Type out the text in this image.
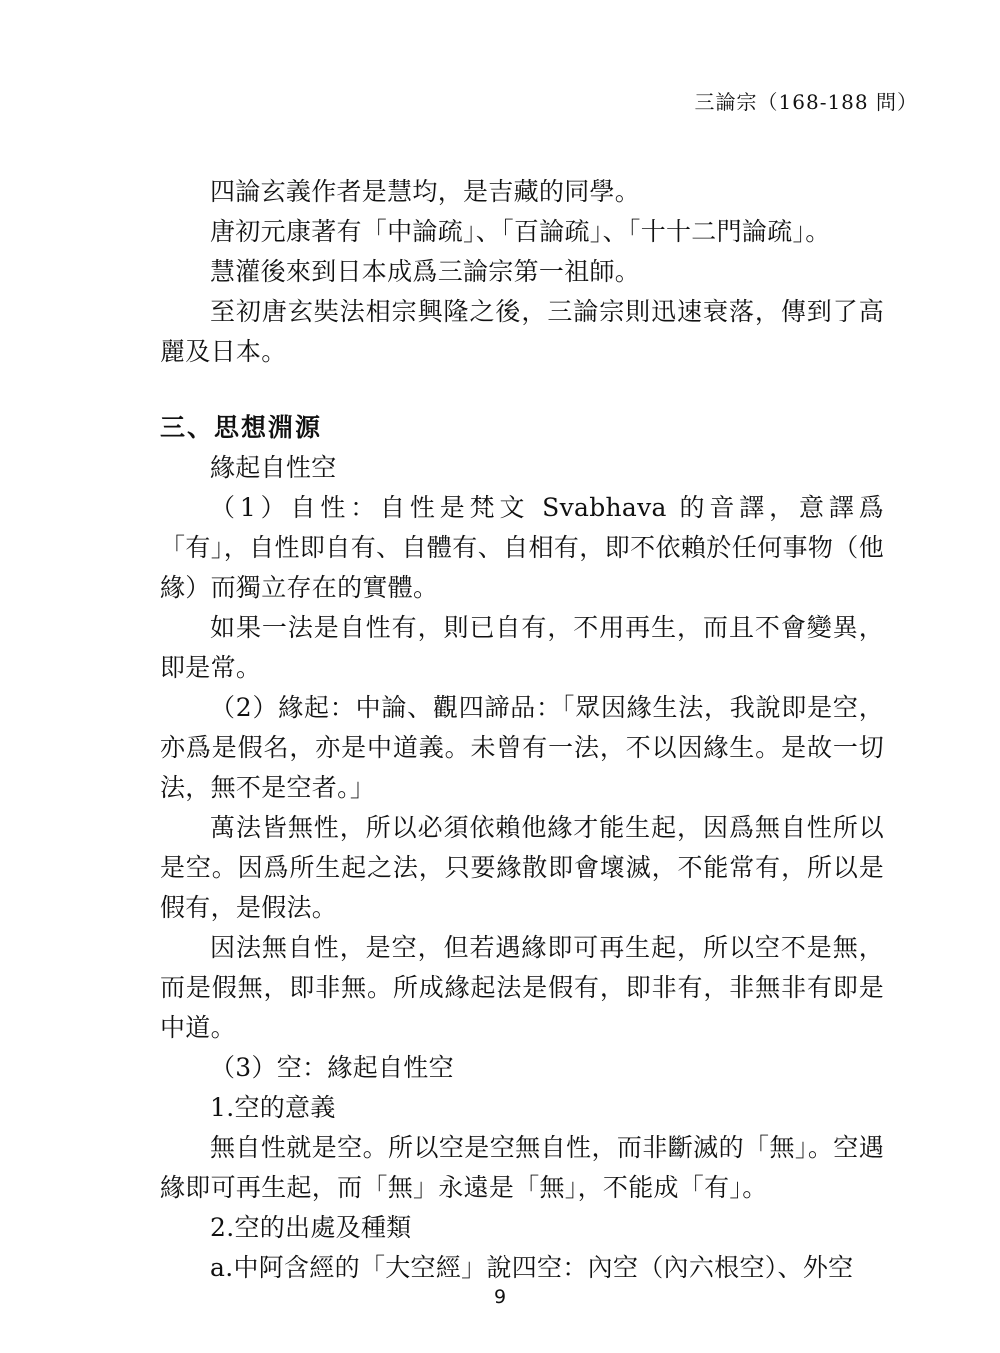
三論宗（168-188 問）

四論玄義作者是慧均，是吉藏的同學。

唐初元康著有「中論疏」、「百論疏」、「十十二門論疏」。

慧灌後來到日本成爲三論宗第一祖師。

至初唐玄奘法相宗興隆之後，三論宗則迅速衰落，傳到了高麗及日本。

三、思想淵源

緣起自性空

（1）自性：自性是梵文 Svabhava 的音譯，意譯爲「有」，自性即自有、自體有、自相有，即不依賴於任何事物（他緣）而獨立存在的實體。

如果一法是自性有，則已自有，不用再生，而且不會變異，即是常。

（2）緣起：中論、觀四諦品：「眾因緣生法，我說即是空，亦爲是假名，亦是中道義。未曾有一法，不以因緣生。是故一切法，無不是空者。」

萬法皆無性，所以必須依賴他緣才能生起，因爲無自性所以是空。因爲所生起之法，只要緣散即會壞滅，不能常有，所以是假有，是假法。

因法無自性，是空，但若遇緣即可再生起，所以空不是無，而是假無，即非無。所成緣起法是假有，即非有，非無非有即是中道。

（3）空：緣起自性空

1.空的意義

無自性就是空。所以空是空無自性，而非斷滅的「無」。空遇緣即可再生起，而「無」永遠是「無」，不能成「有」。

2.空的出處及種類

a.中阿含經的「大空經」說四空：內空（內六根空）、外空

9
